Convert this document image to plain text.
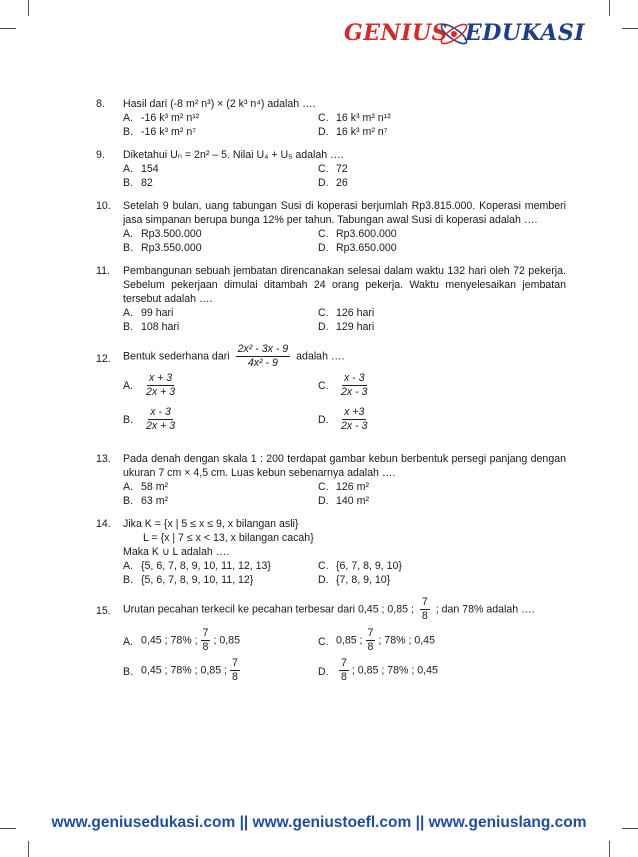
GENIUS EDUKASI
8. Hasil dari (-8 m² n³) × (2 k³ n⁴) adalah ….
A. -16 k³ m² n¹²	C. 16 k³ m² n¹²
B. -16 k³ m² n⁷	D. 16 k³ m² n⁷
9. Diketahui Uₙ = 2n² – 5. Nilai U₄ + U₅ adalah ….
A. 154	C. 72
B. 82	D. 26
10. Setelah 9 bulan, uang tabungan Susi di koperasi berjumlah Rp3.815.000. Koperasi memberi jasa simpanan berupa bunga 12% per tahun. Tabungan awal Susi di koperasi adalah ….
A. Rp3.500.000	C. Rp3.600.000
B. Rp3.550.000	D. Rp3.650.000
11. Pembangunan sebuah jembatan direncanakan selesai dalam waktu 132 hari oleh 72 pekerja. Sebelum pekerjaan dimulai ditambah 24 orang pekerja. Waktu menyelesaikan jembatan tersebut adalah ….
A. 99 hari	C. 126 hari
B. 108 hari	D. 129 hari
12. Bentuk sederhana dari $\frac{\text{2x² - 3x - 9}}{\text{4x² - 9}}$ adalah ….
A. $\frac{x + 3}{2x + 3}$	C. $\frac{x - 3}{2x - 3}$
B. $\frac{x - 3}{2x + 3}$	D. $\frac{x +3}{2x - 3}$
13. Pada denah dengan skala 1 : 200 terdapat gambar kebun berbentuk persegi panjang dengan ukuran 7 cm × 4,5 cm. Luas kebun sebenarnya adalah ….
A. 58 m²	C. 126 m²
B. 63 m²	D. 140 m²
14. Jika K = {x | 5 ≤ x ≤ 9, x bilangan asli}
L = {x | 7 ≤ x < 13, x bilangan cacah}
Maka K ∪ L adalah ….
A. {5, 6, 7, 8, 9, 10, 11, 12, 13}	C. {6, 7, 8, 9, 10}
B. {5, 6, 7, 8, 9, 10, 11, 12}	D. {7, 8, 9, 10}
15. Urutan pecahan terkecil ke pecahan terbesar dari 0,45 ; 0,85 ; $\frac{7}{8}$ ; dan 78% adalah ….
A. 0,45 ; 78% ; $\frac{7}{8}$ ; 0,85	C. 0,85 ; $\frac{7}{8}$ ; 78% ; 0,45
B. 0,45 ; 78% ; 0,85 ; $\frac{7}{8}$	D. $\frac{7}{8}$ ; 0,85 ; 78% ; 0,45
www.geniusedukasi.com || www.geniustoefl.com || www.geniuslang.com
